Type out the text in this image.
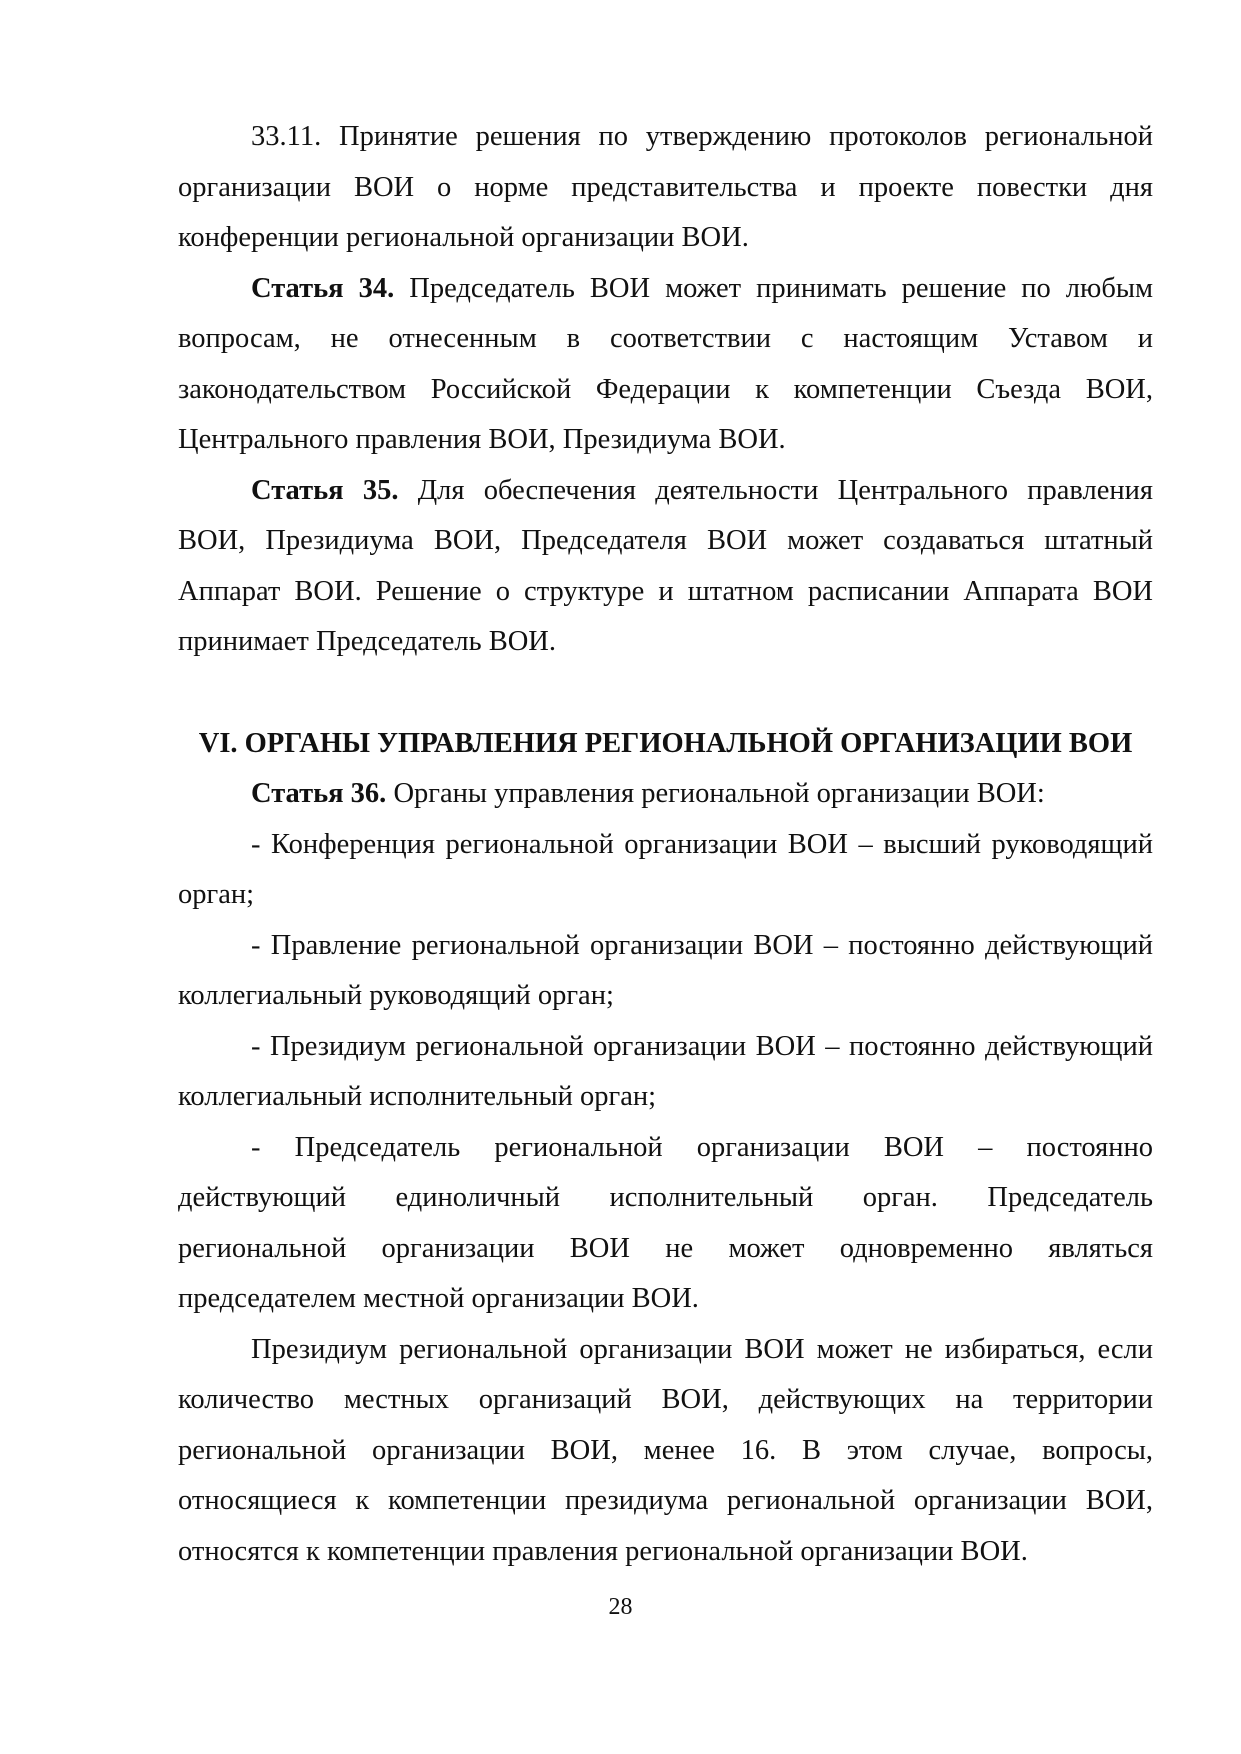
33.11. Принятие решения по утверждению протоколов региональной организации ВОИ о норме представительства и проекте повестки дня конференции региональной организации ВОИ.

Статья 34. Председатель ВОИ может принимать решение по любым вопросам, не отнесенным в соответствии с настоящим Уставом и законодательством Российской Федерации к компетенции Съезда ВОИ, Центрального правления ВОИ, Президиума ВОИ.

Статья 35. Для обеспечения деятельности Центрального правления ВОИ, Президиума ВОИ, Председателя ВОИ может создаваться штатный Аппарат ВОИ. Решение о структуре и штатном расписании Аппарата ВОИ принимает Председатель ВОИ.

VI. ОРГАНЫ УПРАВЛЕНИЯ РЕГИОНАЛЬНОЙ ОРГАНИЗАЦИИ ВОИ

Статья 36. Органы управления региональной организации ВОИ:

- Конференция региональной организации ВОИ – высший руководящий орган;

- Правление региональной организации ВОИ – постоянно действующий коллегиальный руководящий орган;

- Президиум региональной организации ВОИ – постоянно действующий коллегиальный исполнительный орган;

- Председатель региональной организации ВОИ – постоянно действующий единоличный исполнительный орган. Председатель региональной организации ВОИ не может одновременно являться председателем местной организации ВОИ.

Президиум региональной организации ВОИ может не избираться, если количество местных организаций ВОИ, действующих на территории региональной организации ВОИ, менее 16. В этом случае, вопросы, относящиеся к компетенции президиума региональной организации ВОИ, относятся к компетенции правления региональной организации ВОИ.

28
